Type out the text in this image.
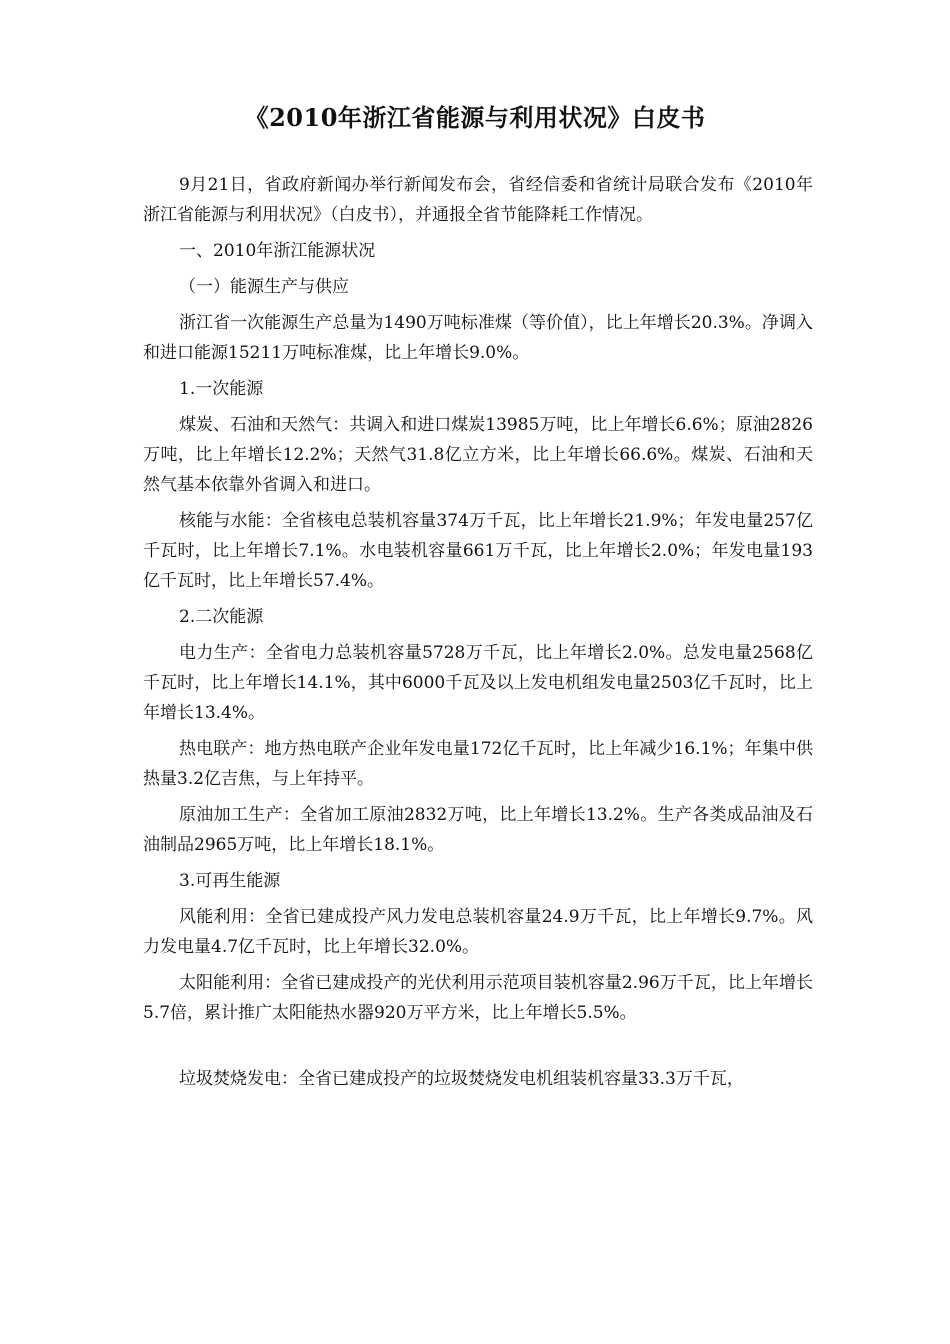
《2010年浙江省能源与利用状况》白皮书

9月21日，省政府新闻办举行新闻发布会，省经信委和省统计局联合发布《2010年浙江省能源与利用状况》（白皮书），并通报全省节能降耗工作情况。

一、2010年浙江能源状况

（一）能源生产与供应

浙江省一次能源生产总量为1490万吨标准煤（等价值），比上年增长20.3%。净调入和进口能源15211万吨标准煤，比上年增长9.0%。

1.一次能源

煤炭、石油和天然气：共调入和进口煤炭13985万吨，比上年增长6.6%；原油2826万吨，比上年增长12.2%；天然气31.8亿立方米，比上年增长66.6%。煤炭、石油和天然气基本依靠外省调入和进口。

核能与水能：全省核电总装机容量374万千瓦，比上年增长21.9%；年发电量257亿千瓦时，比上年增长7.1%。水电装机容量661万千瓦，比上年增长2.0%；年发电量193亿千瓦时，比上年增长57.4%。

2.二次能源

电力生产：全省电力总装机容量5728万千瓦，比上年增长2.0%。总发电量2568亿千瓦时，比上年增长14.1%，其中6000千瓦及以上发电机组发电量2503亿千瓦时，比上年增长13.4%。

热电联产：地方热电联产企业年发电量172亿千瓦时，比上年减少16.1%；年集中供热量3.2亿吉焦，与上年持平。

原油加工生产：全省加工原油2832万吨，比上年增长13.2%。生产各类成品油及石油制品2965万吨，比上年增长18.1%。

3.可再生能源

风能利用：全省已建成投产风力发电总装机容量24.9万千瓦，比上年增长9.7%。风力发电量4.7亿千瓦时，比上年增长32.0%。

太阳能利用：全省已建成投产的光伏利用示范项目装机容量2.96万千瓦，比上年增长5.7倍，累计推广太阳能热水器920万平方米，比上年增长5.5%。

垃圾焚烧发电：全省已建成投产的垃圾焚烧发电机组装机容量33.3万千瓦，
